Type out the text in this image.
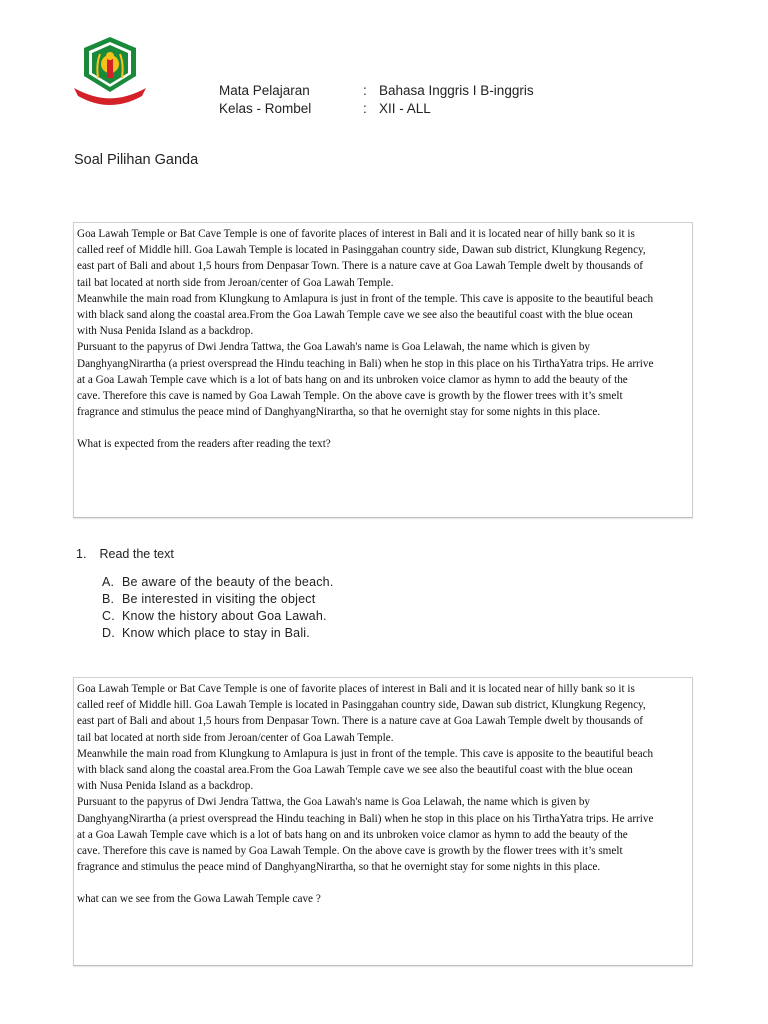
Mata Pelajaran	: Bahasa Inggris I B-inggris
Kelas - Rombel	: XII - ALL
Soal Pilihan Ganda

Goa Lawah Temple or Bat Cave Temple is one of favorite places of interest in Bali and it is located near of hilly bank so it is

called reef of Middle hill. Goa Lawah Temple is located in Pasinggahan country side, Dawan sub district, Klungkung Regency,

east part of Bali and about 1,5 hours from Denpasar Town. There is a nature cave at Goa Lawah Temple dwelt by thousands of

tail bat located at north side from Jeroan/center of Goa Lawah Temple.

Meanwhile the main road from Klungkung to Amlapura is just in front of the temple. This cave is apposite to the beautiful beach

with black sand along the coastal area.From the Goa Lawah Temple cave we see also the beautiful coast with the blue ocean

with Nusa Penida Island as a backdrop.

Pursuant to the papyrus of Dwi Jendra Tattwa, the Goa Lawah's name is Goa Lelawah, the name which is given by

DanghyangNirartha (a priest overspread the Hindu teaching in Bali) when he stop in this place on his TirthaYatra trips. He arrive

at a Goa Lawah Temple cave which is a lot of bats hang on and its unbroken voice clamor as hymn to add the beauty of the

cave. Therefore this cave is named by Goa Lawah Temple. On the above cave is growth by the flower trees with it’s smelt

fragrance and stimulus the peace mind of DanghyangNirartha, so that he overnight stay for some nights in this place.

What is expected from the readers after reading the text?

1. Read the text
A. Be aware of the beauty of the beach.
B. Be interested in visiting the object
C. Know the history about Goa Lawah.
D. Know which place to stay in Bali.

Goa Lawah Temple or Bat Cave Temple is one of favorite places of interest in Bali and it is located near of hilly bank so it is

called reef of Middle hill. Goa Lawah Temple is located in Pasinggahan country side, Dawan sub district, Klungkung Regency,

east part of Bali and about 1,5 hours from Denpasar Town. There is a nature cave at Goa Lawah Temple dwelt by thousands of

tail bat located at north side from Jeroan/center of Goa Lawah Temple.

Meanwhile the main road from Klungkung to Amlapura is just in front of the temple. This cave is apposite to the beautiful beach

with black sand along the coastal area.From the Goa Lawah Temple cave we see also the beautiful coast with the blue ocean

with Nusa Penida Island as a backdrop.

Pursuant to the papyrus of Dwi Jendra Tattwa, the Goa Lawah's name is Goa Lelawah, the name which is given by

DanghyangNirartha (a priest overspread the Hindu teaching in Bali) when he stop in this place on his TirthaYatra trips. He arrive

at a Goa Lawah Temple cave which is a lot of bats hang on and its unbroken voice clamor as hymn to add the beauty of the

cave. Therefore this cave is named by Goa Lawah Temple. On the above cave is growth by the flower trees with it’s smelt

fragrance and stimulus the peace mind of DanghyangNirartha, so that he overnight stay for some nights in this place.

what can we see from the Gowa Lawah Temple cave ?
